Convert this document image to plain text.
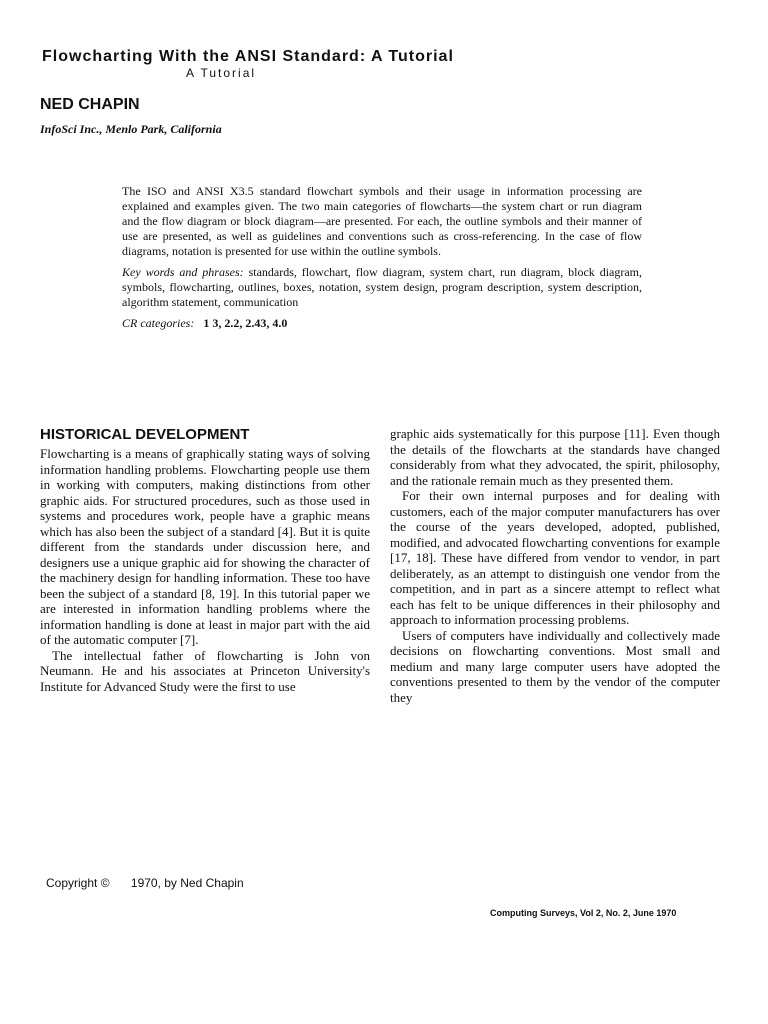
Flowcharting With the ANSI Standard: A Tutorial
A Tutorial
NED CHAPIN
InfoSci Inc., Menlo Park, California

The ISO and ANSI X3.5 standard flowchart symbols and their usage in information processing are explained and examples given. The two main categories of flowcharts—the system chart or run diagram and the flow diagram or block diagram—are presented. For each, the outline symbols and their manner of use are presented, as well as guidelines and conventions such as cross-referencing. In the case of flow diagrams, notation is presented for use within the outline symbols.

Key words and phrases: standards, flowchart, flow diagram, system chart, run diagram, block diagram, symbols, flowcharting, outlines, boxes, notation, system design, program description, system description, algorithm statement, communication

CR categories: 1 3, 2.2, 2.43, 4.0
HISTORICAL DEVELOPMENT

Flowcharting is a means of graphically stating ways of solving information handling problems. Flowcharting people use them in working with computers, making distinctions from other graphic aids. For structured procedures, such as those used in systems and procedures work, people have a graphic means which has also been the subject of a standard [4]. But it is quite different from the standards under discussion here, and designers use a unique graphic aid for showing the character of the machinery design for handling information. These too have been the subject of a standard [8, 19]. In this tutorial paper we are interested in information handling problems where the information handling is done at least in major part with the aid of the automatic computer [7].

The intellectual father of flowcharting is John von Neumann. He and his associates at Princeton University's Institute for Advanced Study were the first to use

graphic aids systematically for this purpose [11]. Even though the details of the flowcharts at the standards have changed considerably from what they advocated, the spirit, philosophy, and the rationale remain much as they presented them.

For their own internal purposes and for dealing with customers, each of the major computer manufacturers has over the course of the years developed, adopted, published, modified, and advocated flowcharting conventions for example [17, 18]. These have differed from vendor to vendor, in part deliberately, as an attempt to distinguish one vendor from the competition, and in part as a sincere attempt to reflect what each has felt to be unique differences in their philosophy and approach to information processing problems.

Users of computers have individually and collectively made decisions on flowcharting conventions. Most small and medium and many large computer users have adopted the conventions presented to them by the vendor of the computer they

Copyright © 1970, by Ned Chapin
Computing Surveys, Vol 2, No. 2, June 1970
